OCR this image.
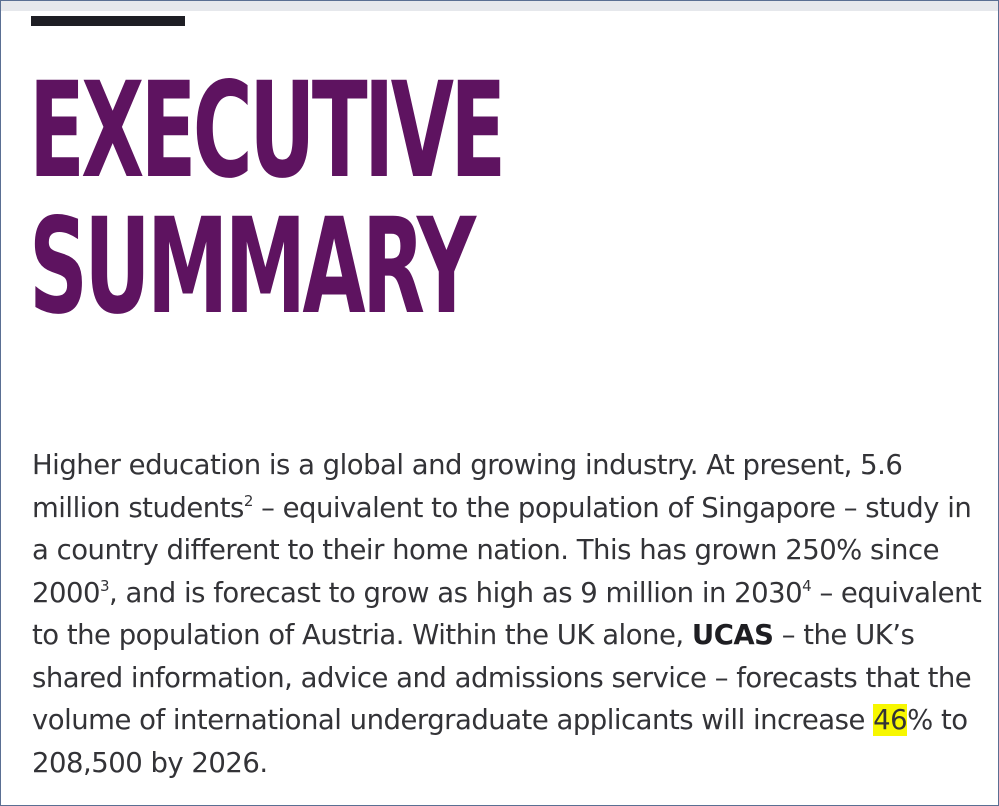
EXECUTIVE
SUMMARY

Higher education is a global and growing industry. At present, 5.6 million students$^2$ – equivalent to the population of Singapore – study in a country different to their home nation. This has grown 250% since 2000$^3$, and is forecast to grow as high as 9 million in 2030$^4$ – equivalent to the population of Austria. Within the UK alone, UCAS – the UK’s shared information, advice and admissions service – forecasts that the volume of international undergraduate applicants will increase 46% to 208,500 by 2026.
